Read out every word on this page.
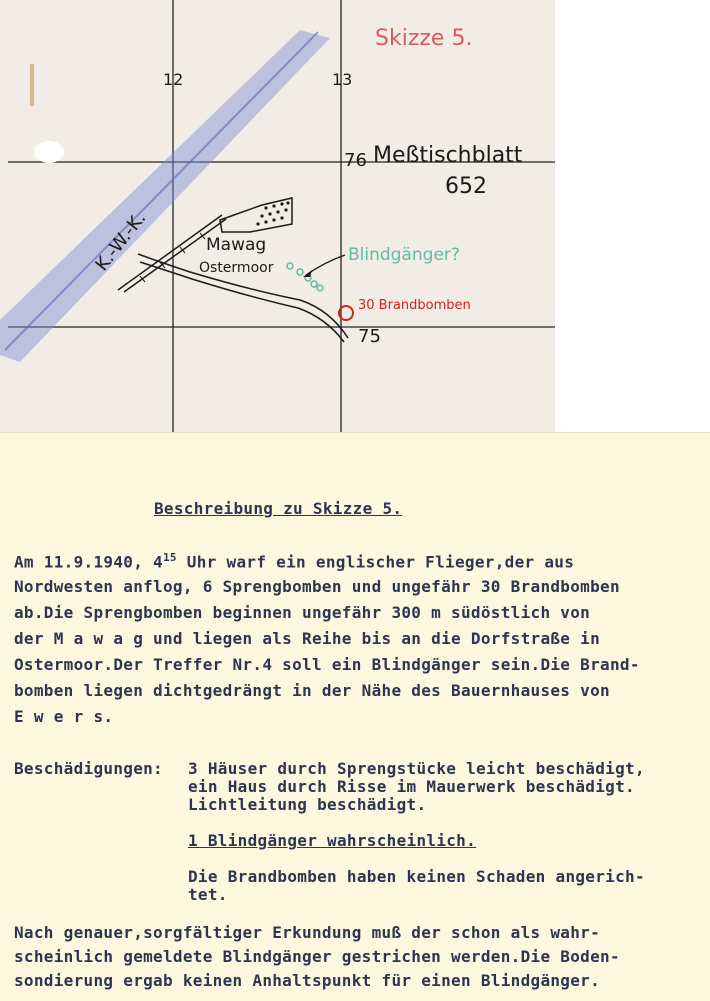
Skizze 5.
12	13
76 Meßtischblatt
652
K.-W.-K.	Mawag
Ostermoor
Blindgänger?
30 Brandbomben
75
Beschreibung zu Skizze 5.
Am 11.9.1940, $4^{15}$ Uhr warf ein englischer Flieger,der aus
Nordwesten anflog, 6 Sprengbomben und ungefähr 30 Brandbomben
ab.Die Sprengbomben beginnen ungefähr 300 m südöstlich von
der M a w a g und liegen als Reihe bis an die Dorfstraße in
Ostermoor.Der Treffer Nr.4 soll ein Blindgänger sein.Die Brand-
bomben liegen dichtgedrängt in der Nähe des Bauernhauses von
E w e r s.
Beschädigungen: 3 Häuser durch Sprengstücke leicht beschädigt,
ein Haus durch Risse im Mauerwerk beschädigt.
Lichtleitung beschädigt.
1 Blindgänger wahrscheinlich.
Die Brandbomben haben keinen Schaden angerich-
tet.
Nach genauer,sorgfältiger Erkundung muß der schon als wahr-
scheinlich gemeldete Blindgänger gestrichen werden.Die Boden-
sondierung ergab keinen Anhaltspunkt für einen Blindgänger.
